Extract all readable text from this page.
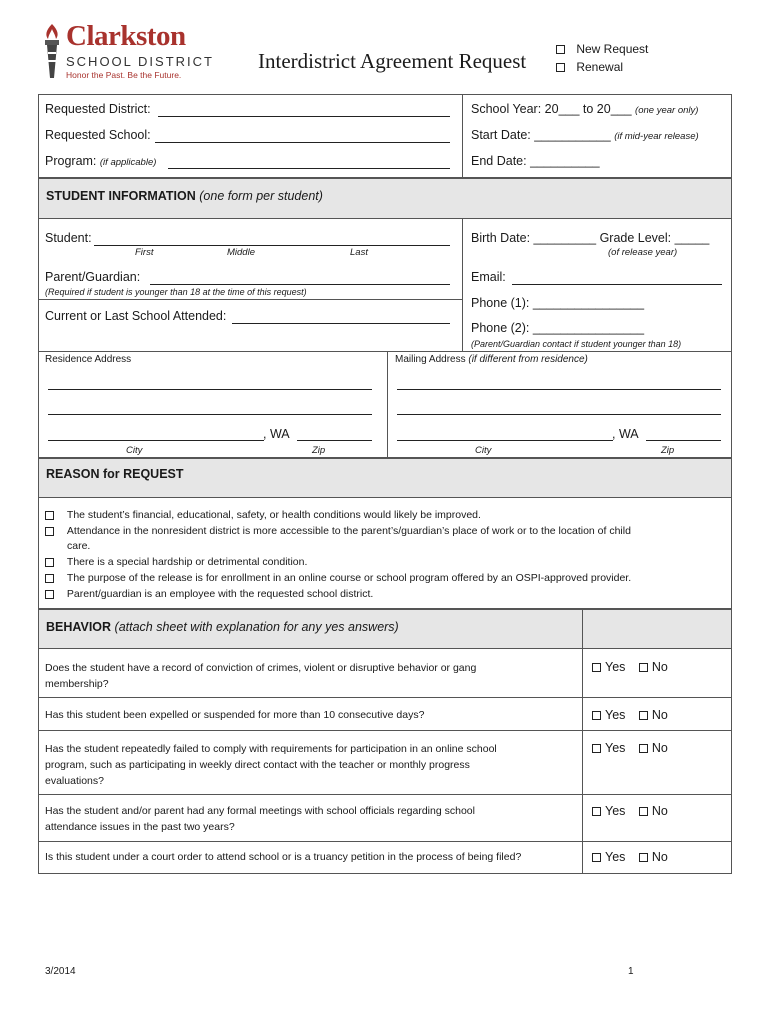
Clarkston
SCHOOL DISTRICT
Honor the Past. Be the Future.
Interdistrict Agreement Request	New Request
Renewal
Requested District:
Requested School:
Program: (if applicable)
School Year: 20___ to 20___ (one year only)
Start Date: ___________ (if mid-year release)
End Date: __________
STUDENT INFORMATION (one form per student)
Student:
First	Middle	Last
Birth Date: _________ Grade Level: _____
(of release year)
Parent/Guardian:
(Required if student is younger than 18 at the time of this request)
Email:
Phone (1): ________________
Phone (2): ________________
Current or Last School Attended:
(Parent/Guardian contact if student younger than 18)
Residence Address	Mailing Address (if different from residence)
, WA
City	Zip
, WA
City	Zip
REASON for REQUEST
The student’s financial, educational, safety, or health conditions would likely be improved.
Attendance in the nonresident district is more accessible to the parent’s/guardian’s place of work or to the location of child
care.
There is a special hardship or detrimental condition.
The purpose of the release is for enrollment in an online course or school program offered by an OSPI-approved provider.
Parent/guardian is an employee with the requested school district.
BEHAVIOR (attach sheet with explanation for any yes answers)
Does the student have a record of conviction of crimes, violent or disruptive behavior or gang
membership?
Yes No
Has this student been expelled or suspended for more than 10 consecutive days?	Yes No
Has the student repeatedly failed to comply with requirements for participation in an online school
program, such as participating in weekly direct contact with the teacher or monthly progress
evaluations?
Yes No
Has the student and/or parent had any formal meetings with school officials regarding school
attendance issues in the past two years?
Yes No
Is this student under a court order to attend school or is a truancy petition in the process of being filed?	Yes No
3/2014	1
